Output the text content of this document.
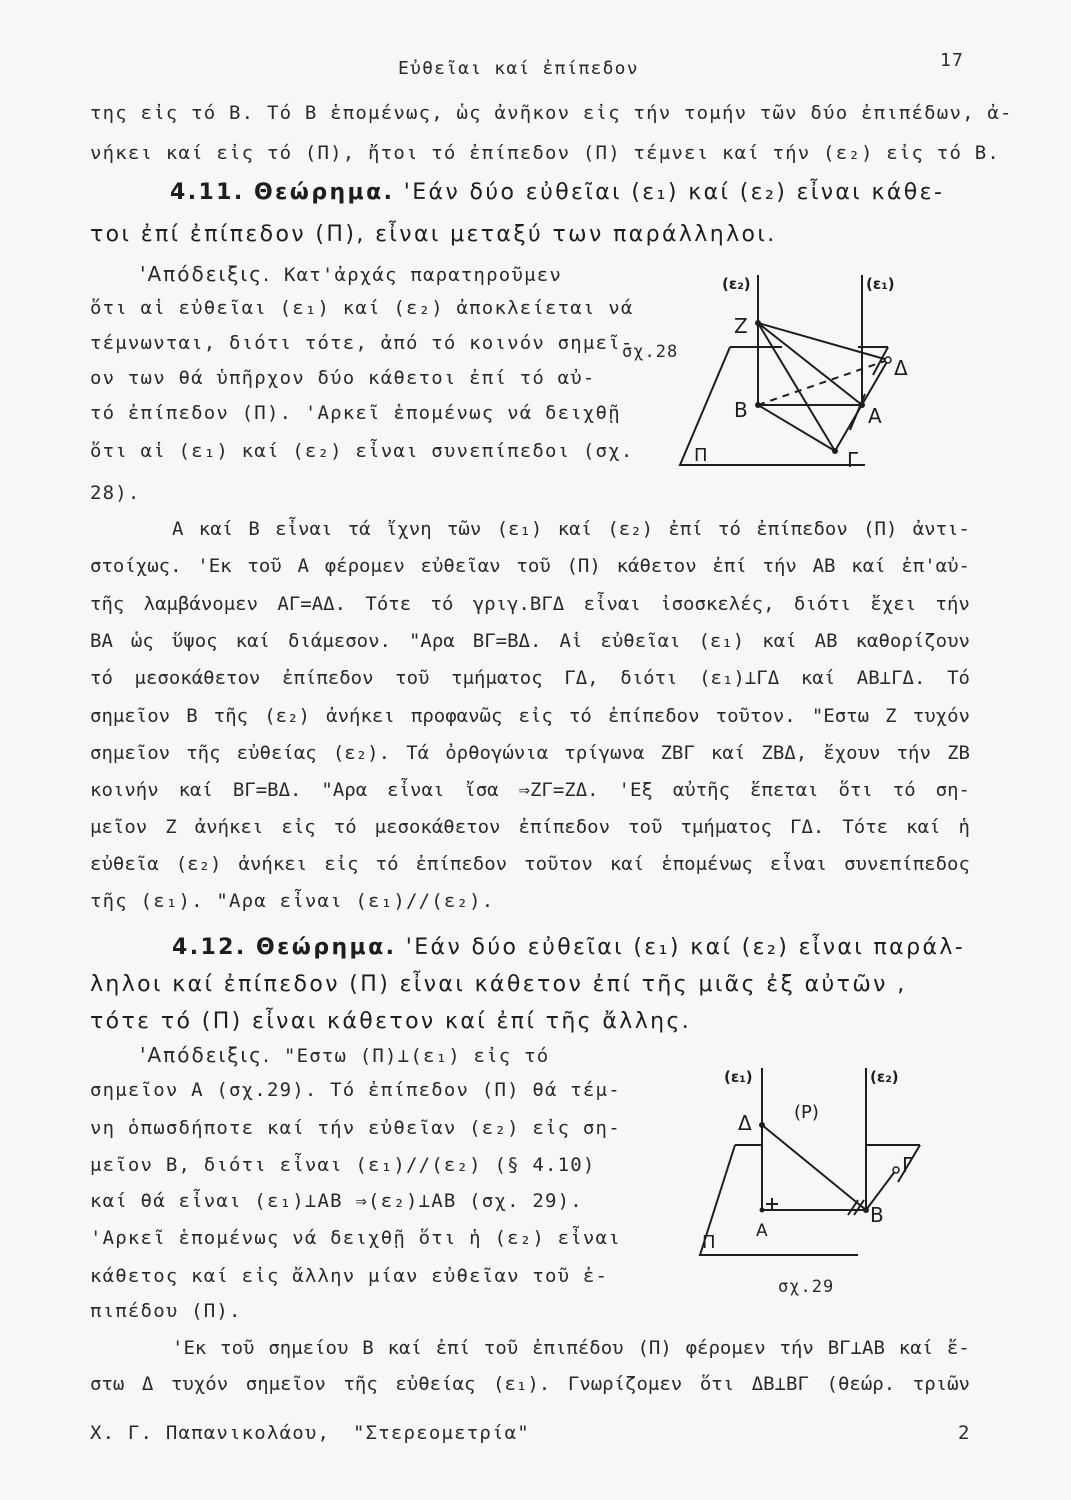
Εὐθεῖαι καί ἐπίπεδον	17
της εἰς τό Β. Τό Β ἑπομένως, ὡς ἀνῆκον εἰς τήν τομήν τῶν δύο ἐπιπέδων, ἀ-
νήκει καί εἰς τό (Π), ἤτοι τό ἐπίπεδον (Π) τέμνει καί τήν (ε₂) εἰς τό Β.
4.11. Θεώρημα. 'Εάν δύο εὐθεῖαι (ε₁) καί (ε₂) εἶναι κάθε-
τοι ἐπί ἐπίπεδον (Π), εἶναι μεταξύ των παράλληλοι.
'Απόδειξις. Κατ'ἀρχάς παρατηροῦμεν
ὅτι αἱ εὐθεῖαι (ε₁) καί (ε₂) ἀποκλείεται νά
τέμνωνται, διότι τότε, ἀπό τό κοινόν σημεῖ-
ον των θά ὑπῆρχον δύο κάθετοι ἐπί τό αὐ-
τό ἐπίπεδον (Π). 'Αρκεῖ ἑπομένως νά δειχθῇ
ὅτι αἱ (ε₁) καί (ε₂) εἶναι συνεπίπεδοι (σχ.
28).
σχ.28
(ε₂)	(ε₁)
Ζ
Δ
Β	Α
Γ
Π
Α καί Β εἶναι τά ἴχνη τῶν (ε₁) καί (ε₂) ἐπί τό ἐπίπεδον (Π) ἀντι-
στοίχως. 'Εκ τοῦ Α φέρομεν εὐθεῖαν τοῦ (Π) κάθετον ἐπί τήν ΑΒ καί ἐπ'αὐ-
τῆς λαμβάνομεν ΑΓ=ΑΔ. Τότε τό γριγ.ΒΓΔ εἶναι ἰσοσκελές, διότι ἔχει τήν
ΒΑ ὡς ὕψος καί διάμεσον. "Αρα ΒΓ=ΒΔ. Αἱ εὐθεῖαι (ε₁) καί ΑΒ καθορίζουν
τό μεσοκάθετον ἐπίπεδον τοῦ τμήματος ΓΔ, διότι (ε₁)⊥ΓΔ καί ΑΒ⊥ΓΔ. Τό
σημεῖον Β τῆς (ε₂) ἀνήκει προφανῶς εἰς τό ἐπίπεδον τοῦτον. "Εστω Ζ τυχόν
σημεῖον τῆς εὐθείας (ε₂). Τά ὀρθογώνια τρίγωνα ΖΒΓ καί ΖΒΔ, ἔχουν τήν ΖΒ
κοινήν καί ΒΓ=ΒΔ. "Αρα εἶναι ἴσα ⇒ΖΓ=ΖΔ. 'Εξ αὐτῆς ἕπεται ὅτι τό ση-
μεῖον Ζ ἀνήκει εἰς τό μεσοκάθετον ἐπίπεδον τοῦ τμήματος ΓΔ. Τότε καί ἡ
εὐθεῖα (ε₂) ἀνήκει εἰς τό ἐπίπεδον τοῦτον καί ἑπομένως εἶναι συνεπίπεδος
τῆς (ε₁). "Αρα εἶναι (ε₁)//(ε₂).
4.12. Θεώρημα. 'Εάν δύο εὐθεῖαι (ε₁) καί (ε₂) εἶναι παράλ-
ληλοι καί ἐπίπεδον (Π) εἶναι κάθετον ἐπί τῆς μιᾶς ἐξ αὐτῶν ,
τότε τό (Π) εἶναι κάθετον καί ἐπί τῆς ἄλλης.
'Απόδειξις. "Εστω (Π)⊥(ε₁) εἰς τό
σημεῖον Α (σχ.29). Τό ἐπίπεδον (Π) θά τέμ-
νη ὁπωσδήποτε καί τήν εὐθεῖαν (ε₂) εἰς ση-
μεῖον Β, διότι εἶναι (ε₁)//(ε₂) (§ 4.10)
καί θά εἶναι (ε₁)⊥ΑΒ ⇒(ε₂)⊥ΑΒ (σχ. 29).
'Αρκεῖ ἑπομένως νά δειχθῇ ὅτι ἡ (ε₂) εἶναι
κάθετος καί εἰς ἄλλην μίαν εὐθεῖαν τοῦ ἐ-
πιπέδου (Π).
(ε₁)	(ε₂)
(P)
Δ
Γ
Α
Β
Π
σχ.29
'Εκ τοῦ σημείου Β καί ἐπί τοῦ ἐπιπέδου (Π) φέρομεν τήν ΒΓ⊥ΑΒ καί ἔ-
στω Δ τυχόν σημεῖον τῆς εὐθείας (ε₁). Γνωρίζομεν ὅτι ΔΒ⊥ΒΓ (θεώρ. τριῶν
Χ. Γ. Παπανικολάου, "Στερεομετρία"	2
